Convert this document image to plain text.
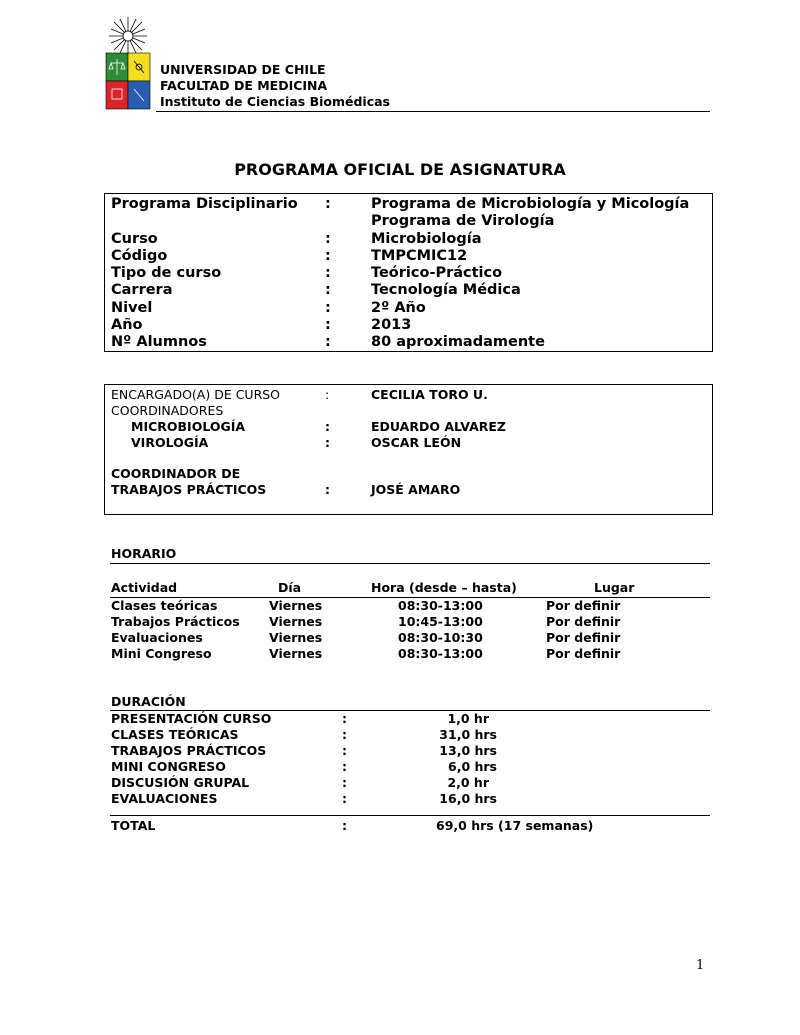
UNIVERSIDAD DE CHILE
FACULTAD DE MEDICINA
Instituto de Ciencias Biomédicas
PROGRAMA OFICIAL DE ASIGNATURA
Programa Disciplinario :	Programa de Microbiología y Micología
Programa de Virología
Curso	:	Microbiología
Código	:	TMPCMIC12
Tipo de curso	:	Teórico-Práctico
Carrera	:	Tecnología Médica
Nivel	:	2º Año
Año	:	2013
Nº Alumnos	:	80 aproximadamente
ENCARGADO(A) DE CURSO	:	CECILIA TORO U.
COORDINADORES
MICROBIOLOGÍA	:	EDUARDO ALVAREZ
VIROLOGÍA	:	OSCAR LEÓN
COORDINADOR DE
TRABAJOS PRÁCTICOS	:	JOSÉ AMARO
HORARIO
Actividad	Día	Hora (desde – hasta)	Lugar
Clases teóricas	Viernes	08:30-13:00	Por definir
Trabajos Prácticos Viernes	10:45-13:00	Por definir
Evaluaciones	Viernes	08:30-10:30	Por definir
Mini Congreso	Viernes	08:30-13:00	Por definir
DURACIÓN
PRESENTACIÓN CURSO	:	1,0 hr
CLASES TEÓRICAS	:	31,0 hrs
TRABAJOS PRÁCTICOS	:	13,0 hrs
MINI CONGRESO	:	6,0 hrs
DISCUSIÓN GRUPAL	:	2,0 hr
EVALUACIONES	:	16,0 hrs
TOTAL	:	69,0 hrs (17 semanas)
1
